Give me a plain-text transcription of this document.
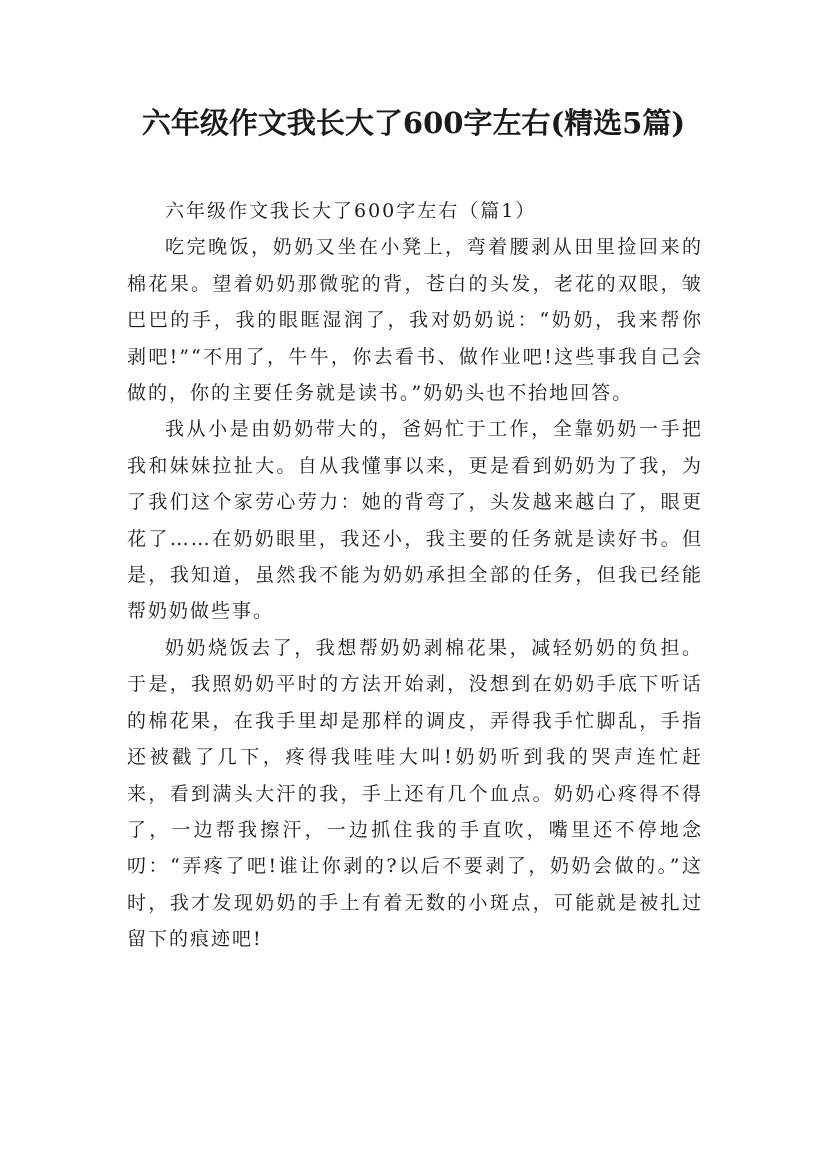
六年级作文我长大了600字左右(精选5篇)

六年级作文我长大了600字左右（篇1）

吃完晚饭，奶奶又坐在小凳上，弯着腰剥从田里捡回来的棉花果。望着奶奶那微驼的背，苍白的头发，老花的双眼，皱巴巴的手，我的眼眶湿润了，我对奶奶说：“奶奶，我来帮你剥吧!”“不用了，牛牛，你去看书、做作业吧!这些事我自己会做的，你的主要任务就是读书。”奶奶头也不抬地回答。

我从小是由奶奶带大的，爸妈忙于工作，全靠奶奶一手把我和妹妹拉扯大。自从我懂事以来，更是看到奶奶为了我，为了我们这个家劳心劳力：她的背弯了，头发越来越白了，眼更花了……在奶奶眼里，我还小，我主要的任务就是读好书。但是，我知道，虽然我不能为奶奶承担全部的任务，但我已经能帮奶奶做些事。

奶奶烧饭去了，我想帮奶奶剥棉花果，减轻奶奶的负担。于是，我照奶奶平时的方法开始剥，没想到在奶奶手底下听话的棉花果，在我手里却是那样的调皮，弄得我手忙脚乱，手指还被戳了几下，疼得我哇哇大叫!奶奶听到我的哭声连忙赶来，看到满头大汗的我，手上还有几个血点。奶奶心疼得不得了，一边帮我擦汗，一边抓住我的手直吹，嘴里还不停地念叨：“弄疼了吧!谁让你剥的?以后不要剥了，奶奶会做的。”这时，我才发现奶奶的手上有着无数的小斑点，可能就是被扎过留下的痕迹吧!
